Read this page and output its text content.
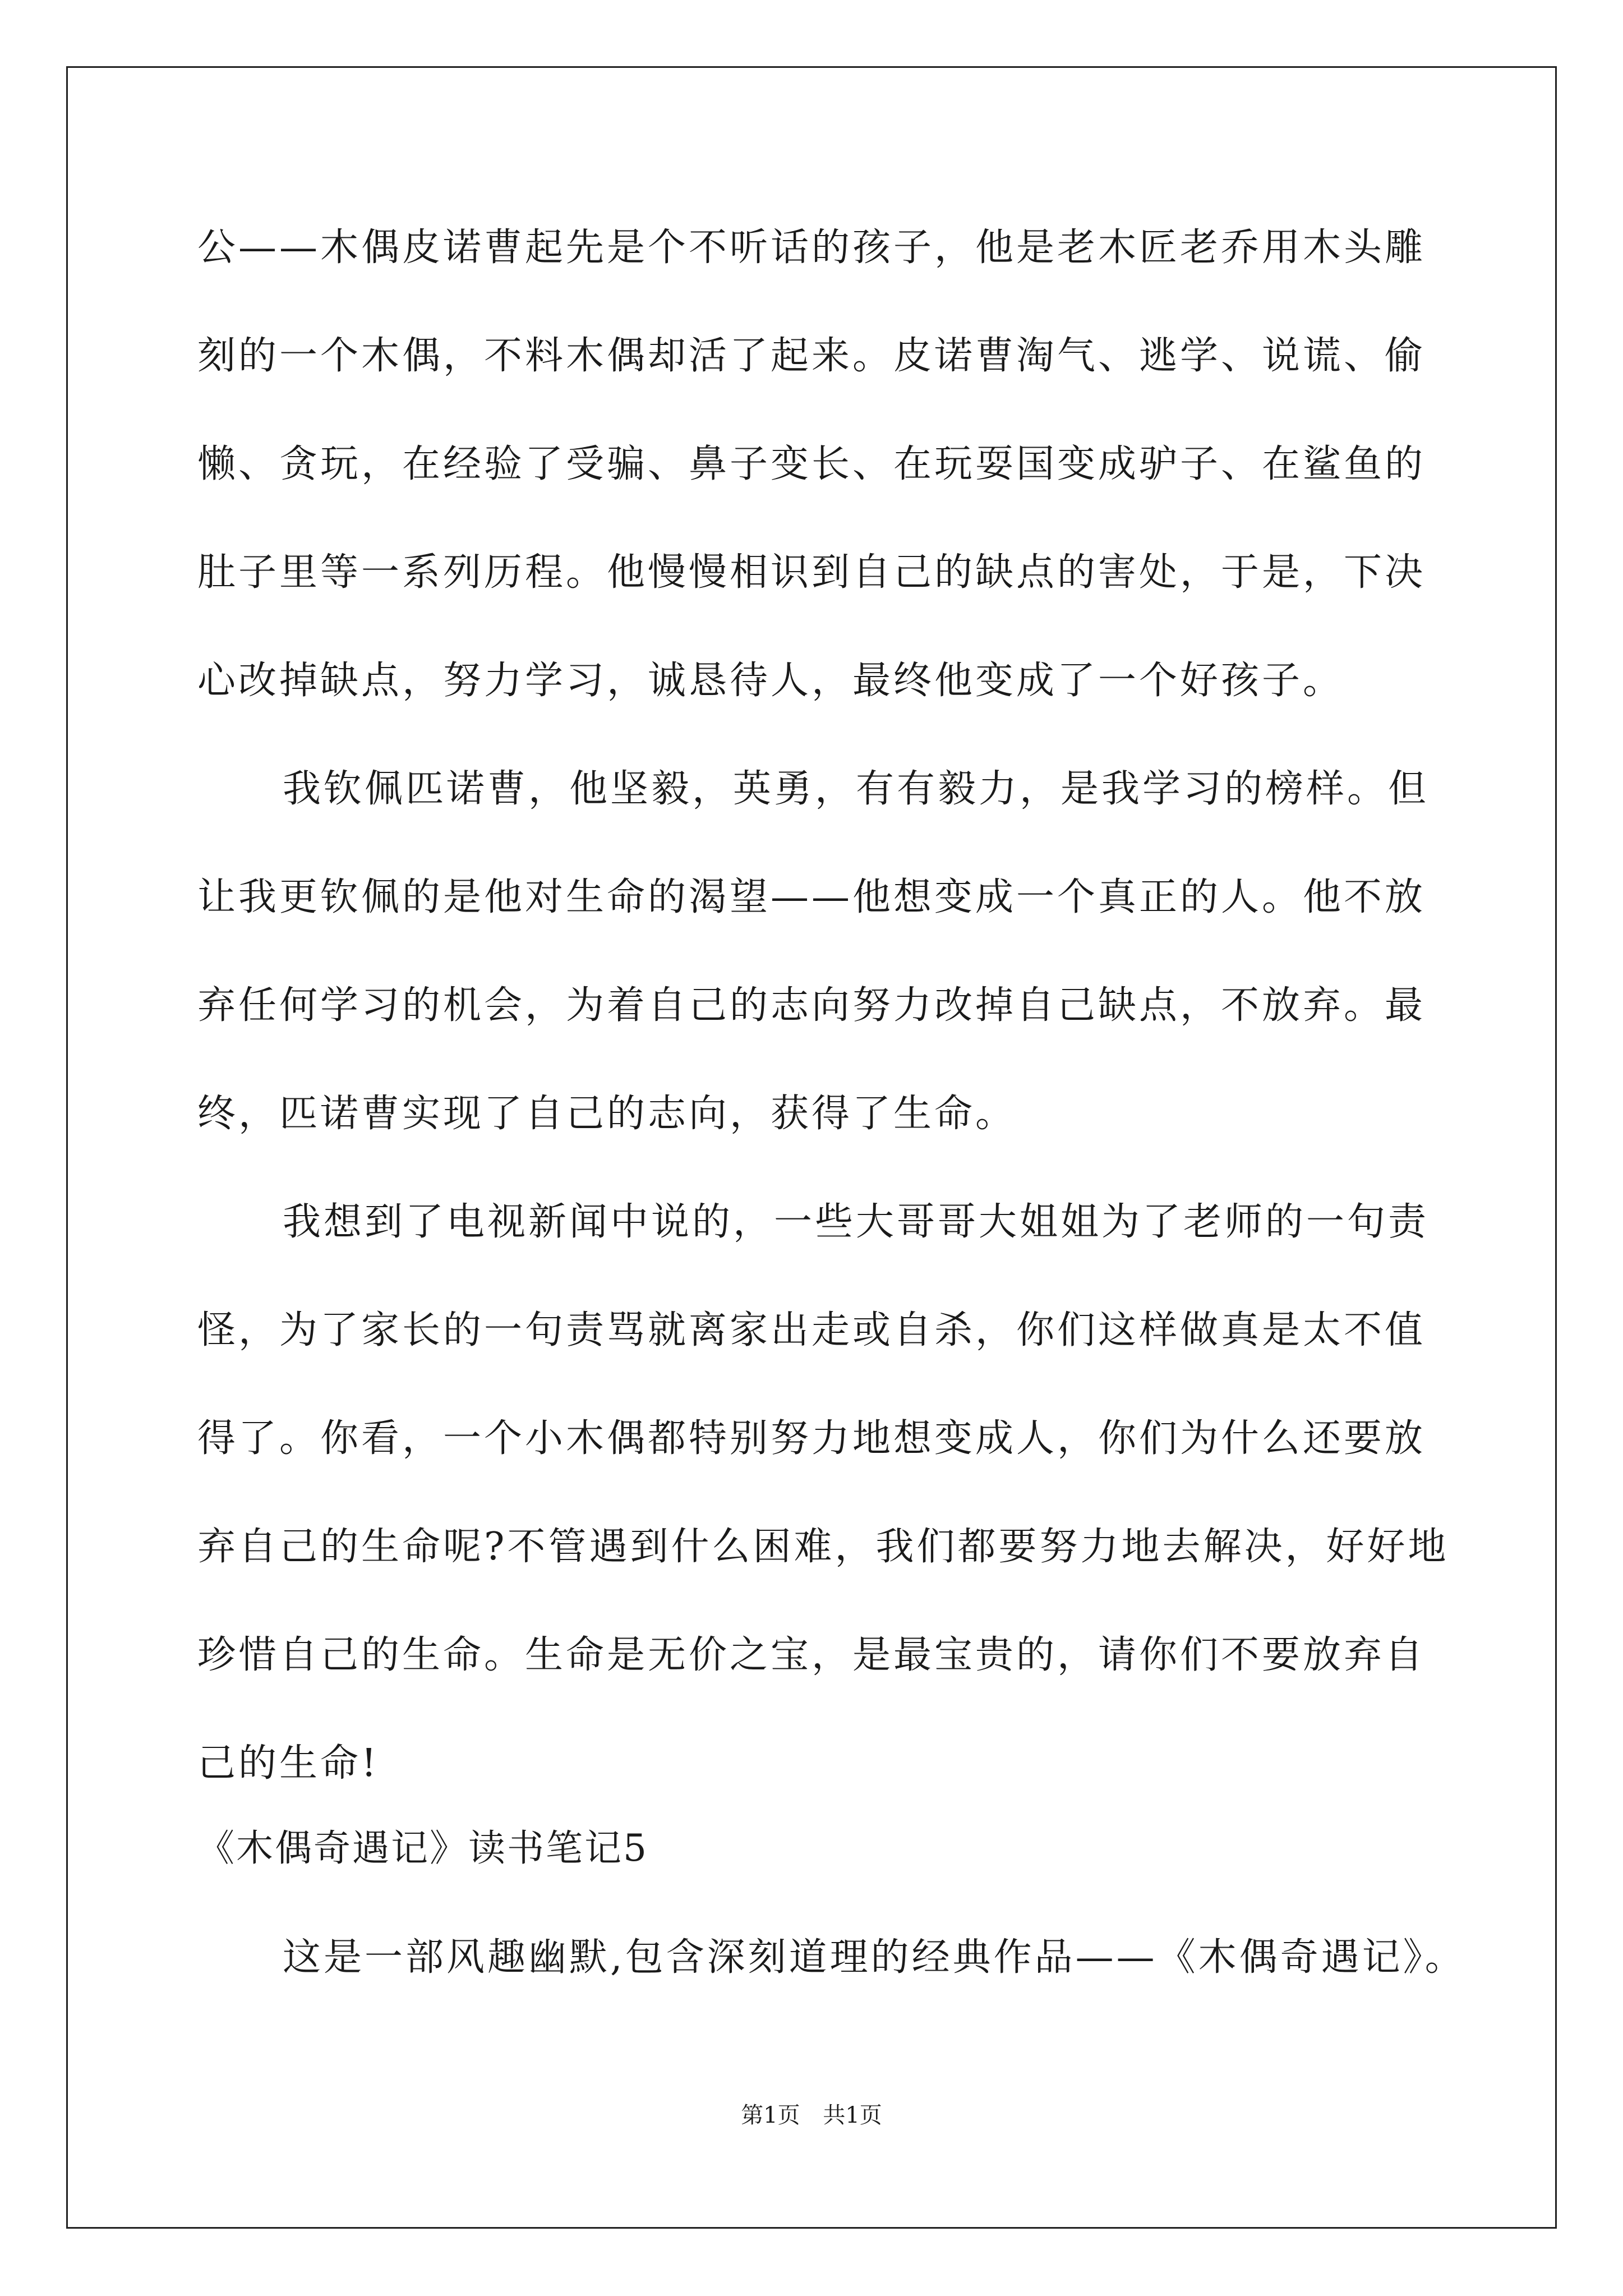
公——木偶皮诺曹起先是个不听话的孩子，他是老木匠老乔用木头雕
刻的一个木偶，不料木偶却活了起来。皮诺曹淘气、逃学、说谎、偷
懒、贪玩，在经验了受骗、鼻子变长、在玩耍国变成驴子、在鲨鱼的
肚子里等一系列历程。他慢慢相识到自己的缺点的害处，于是，下决
心改掉缺点，努力学习，诚恳待人，最终他变成了一个好孩子。
我钦佩匹诺曹，他坚毅，英勇，有有毅力，是我学习的榜样。但
让我更钦佩的是他对生命的渴望——他想变成一个真正的人。他不放
弃任何学习的机会，为着自己的志向努力改掉自己缺点，不放弃。最
终，匹诺曹实现了自己的志向，获得了生命。
我想到了电视新闻中说的，一些大哥哥大姐姐为了老师的一句责
怪，为了家长的一句责骂就离家出走或自杀，你们这样做真是太不值
得了。你看，一个小木偶都特别努力地想变成人，你们为什么还要放
弃自己的生命呢?不管遇到什么困难，我们都要努力地去解决，好好地
珍惜自己的生命。生命是无价之宝，是最宝贵的，请你们不要放弃自
己的生命!
《木偶奇遇记》读书笔记5
这是一部风趣幽默,包含深刻道理的经典作品——《木偶奇遇记》。
第1页 共1页
